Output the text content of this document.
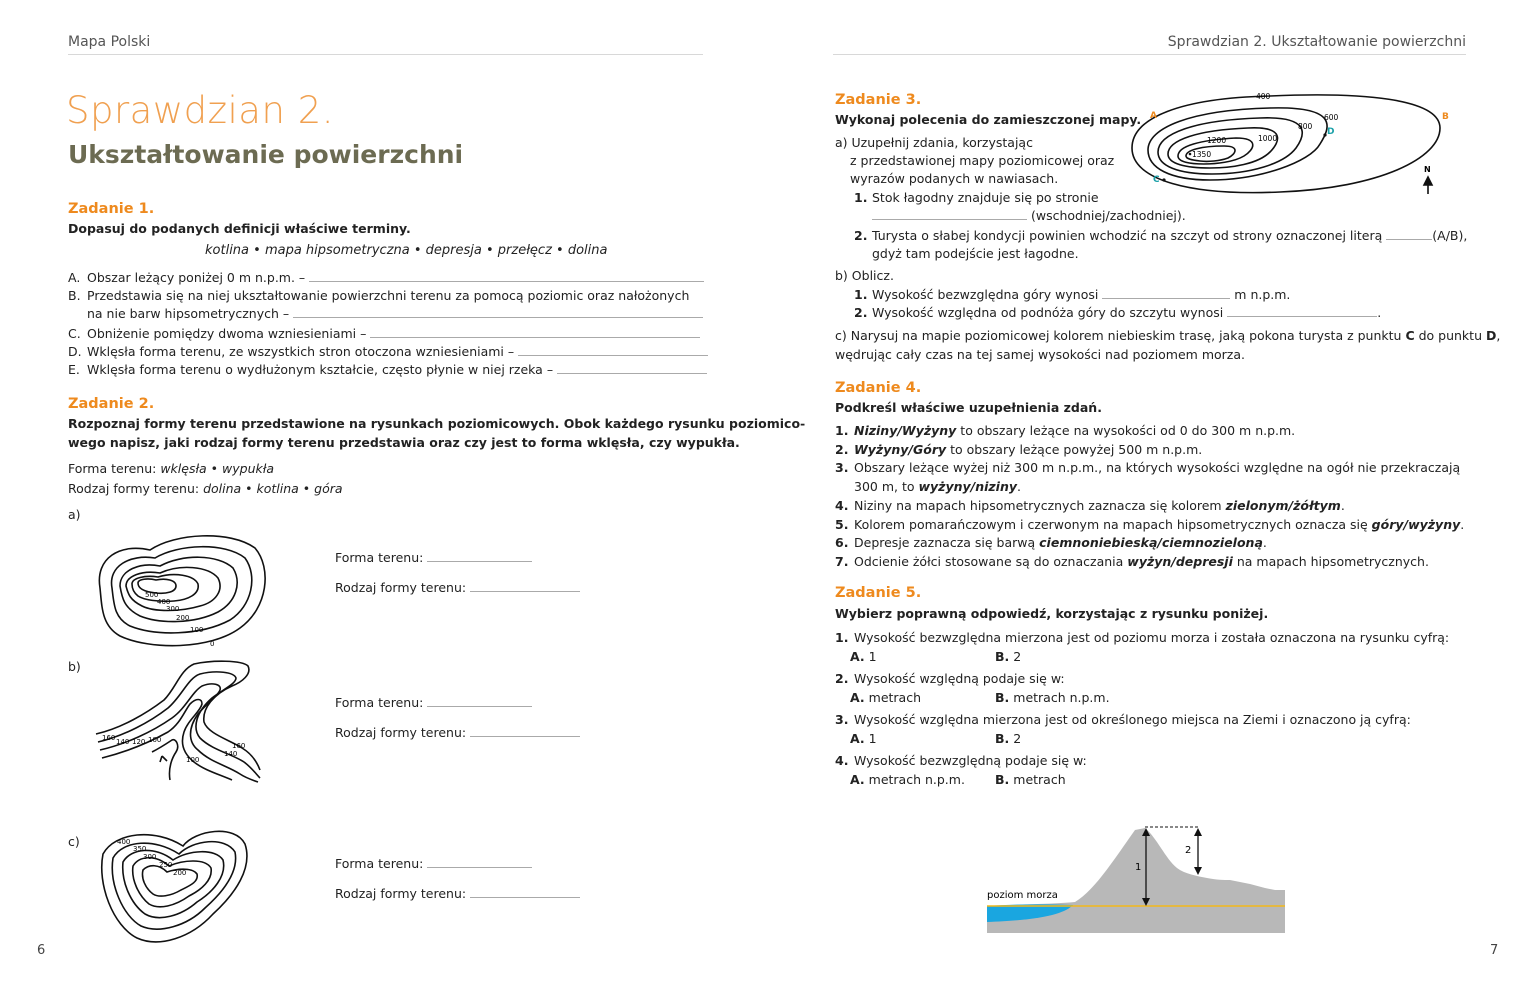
Mapa Polski	Sprawdzian 2. Ukształtowanie powierzchni
Sprawdzian 2.
Ukształtowanie powierzchni
Zadanie 1.
Dopasuj do podanych definicji właściwe terminy.
kotlina • mapa hipsometryczna • depresja • przełęcz • dolina
A. Obszar leżący poniżej 0 m n.p.m. –
B. Przedstawia się na niej ukształtowanie powierzchni terenu za pomocą poziomic oraz nałożonych
na nie barw hipsometrycznych –
C. Obniżenie pomiędzy dwoma wzniesieniami –
D. Wklęsła forma terenu, ze wszystkich stron otoczona wzniesieniami –
E. Wklęsła forma terenu o wydłużonym kształcie, często płynie w niej rzeka –
Zadanie 2.
Rozpoznaj formy terenu przedstawione na rysunkach poziomicowych. Obok każdego rysunku poziomico-
wego napisz, jaki rodzaj formy terenu przedstawia oraz czy jest to forma wklęsła, czy wypukła.
Forma terenu: wklęsła • wypukła
Rodzaj formy terenu: dolina • kotlina • góra
a)
500
400
300
200
100
0
Forma terenu:
Rodzaj formy terenu:
b)
160 140 120 100
160
140
100
Forma terenu:
Rodzaj formy terenu:
c)	400
350
300
250
200
Forma terenu:
Rodzaj formy terenu:
6	7
Zadanie 3.
Wykonaj polecenia do zamieszczonej mapy.
a) Uzupełnij zdania, korzystając
z przedstawionej mapy poziomicowej oraz
wyrazów podanych w nawiasach.
1. Stok łagodny znajduje się po stronie
(wschodniej/zachodniej).
2. Turysta o słabej kondycji powinien wchodzić na szczyt od strony oznaczonej literą	(A/B),
gdyż tam podejście jest łagodne.
b) Oblicz.
1. Wysokość bezwzględna góry wynosi	m n.p.m.
2. Wysokość względna od podnóża góry do szczytu wynosi	.
c) Narysuj na mapie poziomicowej kolorem niebieskim trasę, jaką pokona turysta z punktu C do punktu D,
wędrując cały czas na tej samej wysokości nad poziomem morza.
400
600
800
1000
1200
1350
A	B
C
D
N
Zadanie 4.
Podkreśl właściwe uzupełnienia zdań.
1. Niziny/Wyżyny to obszary leżące na wysokości od 0 do 300 m n.p.m.
2. Wyżyny/Góry to obszary leżące powyżej 500 m n.p.m.
3. Obszary leżące wyżej niż 300 m n.p.m., na których wysokości względne na ogół nie przekraczają
300 m, to wyżyny/niziny.
4. Niziny na mapach hipsometrycznych zaznacza się kolorem zielonym/żółtym.
5. Kolorem pomarańczowym i czerwonym na mapach hipsometrycznych oznacza się góry/wyżyny.
6. Depresje zaznacza się barwą ciemnoniebieską/ciemnozieloną.
7. Odcienie żółci stosowane są do oznaczania wyżyn/depresji na mapach hipsometrycznych.
Zadanie 5.
Wybierz poprawną odpowiedź, korzystając z rysunku poniżej.
1. Wysokość bezwzględna mierzona jest od poziomu morza i została oznaczona na rysunku cyfrą:
A. 1	B. 2
2. Wysokość względną podaje się w:
A. metrach	B. metrach n.p.m.
3. Wysokość względna mierzona jest od określonego miejsca na Ziemi i oznaczono ją cyfrą:
A. 1	B. 2
4. Wysokość bezwzględną podaje się w:
A. metrach n.p.m. B. metrach
1
2
poziom morza
